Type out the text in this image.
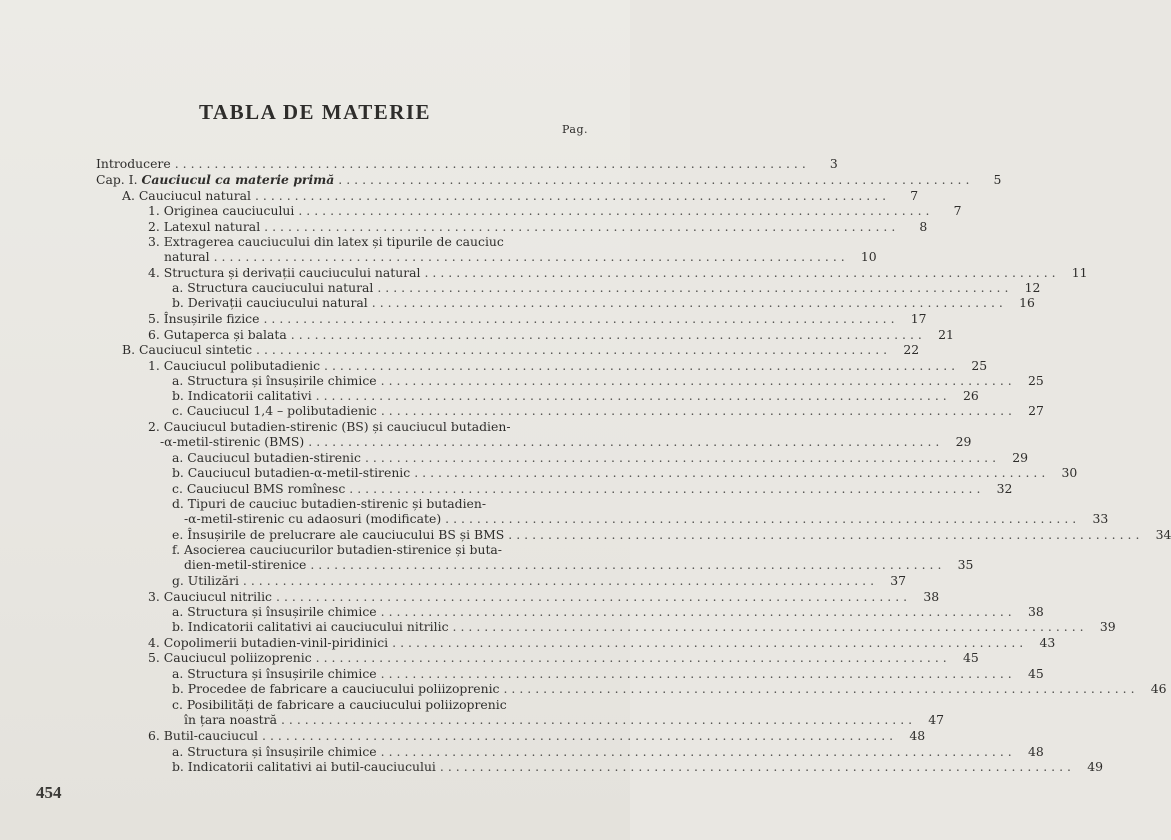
TABLA DE MATERIE
Pag.
Introducere ................................................................................	3
Cap. I. Cauciucul ca materie primă ................................................................................	5
A. Cauciucul natural ................................................................................	7
1. Originea cauciucului ................................................................................	7
2. Latexul natural ................................................................................	8
3. Extragerea cauciucului din latex și tipurile de cauciuc
natural ................................................................................ 10
4. Structura și derivații cauciucului natural ................................................................................ 11
a. Structura cauciucului natural ................................................................................ 12
b. Derivații cauciucului natural ................................................................................ 16
5. Însușirile fizice ................................................................................ 17
6. Gutaperca și balata ................................................................................ 21
B. Cauciucul sintetic ................................................................................ 22
1. Cauciucul polibutadienic ................................................................................ 25
a. Structura și însușirile chimice ................................................................................ 25
b. Indicatorii calitativi ................................................................................ 26
c. Cauciucul 1,4 – polibutadienic ................................................................................ 27
2. Cauciucul butadien-stirenic (BS) și cauciucul butadien-
-α-metil-stirenic (BMS) ................................................................................ 29
a. Cauciucul butadien-stirenic ................................................................................ 29
b. Cauciucul butadien-α-metil-stirenic ................................................................................ 30
c. Cauciucul BMS romînesc ................................................................................ 32
d. Tipuri de cauciuc butadien-stirenic și butadien-
-α-metil-stirenic cu adaosuri (modificate) ................................................................................ 33
e. Însușirile de prelucrare ale cauciucului BS și BMS ................................................................................ 34
f. Asocierea cauciucurilor butadien-stirenice și buta-
dien-metil-stirenice ................................................................................ 35
g. Utilizări ................................................................................ 37
3. Cauciucul nitrilic ................................................................................ 38
a. Structura și însușirile chimice ................................................................................ 38
b. Indicatorii calitativi ai cauciucului nitrilic ................................................................................ 39
4. Copolimerii butadien-vinil-piridinici ................................................................................ 43
5. Cauciucul poliizoprenic ................................................................................ 45
a. Structura și însușirile chimice ................................................................................ 45
b. Procedee de fabricare a cauciucului poliizoprenic ................................................................................ 46
c. Posibilități de fabricare a cauciucului poliizoprenic
în țara noastră ................................................................................ 47
6. Butil-cauciucul ................................................................................ 48
a. Structura și însușirile chimice ................................................................................ 48
b. Indicatorii calitativi ai butil-cauciucului ................................................................................ 49
454
